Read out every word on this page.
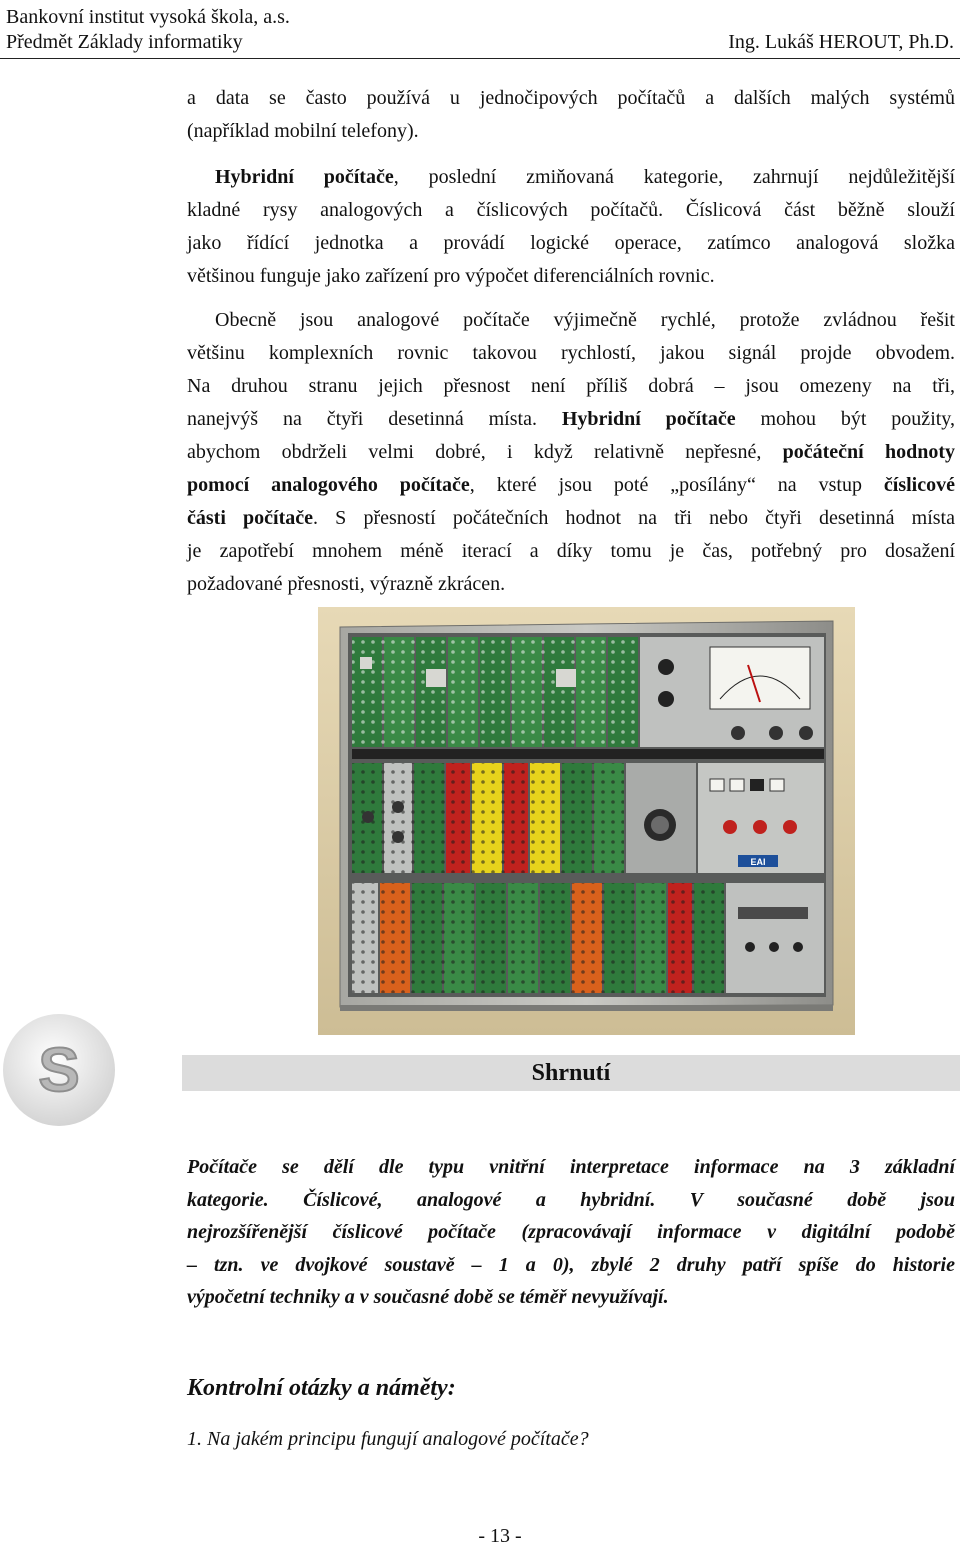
Bankovní institut vysoká škola, a.s.
Předmět Základy informatiky	Ing. Lukáš HEROUT, Ph.D.
a data se často používá u jednočipových počítačů a dalších malých systémů
(například mobilní telefony).
Hybridní počítače, poslední zmiňovaná kategorie, zahrnují nejdůležitější
kladné rysy analogových a číslicových počítačů. Číslicová část běžně slouží
jako řídící jednotka a provádí logické operace, zatímco analogová složka
většinou funguje jako zařízení pro výpočet diferenciálních rovnic.
Obecně jsou analogové počítače výjimečně rychlé, protože zvládnou řešit
většinu komplexních rovnic takovou rychlostí, jakou signál projde obvodem.
Na druhou stranu jejich přesnost není příliš dobrá – jsou omezeny na tři,
nanejvýš na čtyři desetinná místa. Hybridní počítače mohou být použity,
abychom obdrželi velmi dobré, i když relativně nepřesné, počáteční hodnoty
pomocí analogového počítače, které jsou poté „posílány“ na vstup číslicové
části počítače. S přesností počátečních hodnot na tři nebo čtyři desetinná místa
je zapotřebí mnohem méně iterací a díky tomu je čas, potřebný pro dosažení
požadované přesnosti, výrazně zkrácen.
EAI
S	Shrnutí
Počítače se dělí dle typu vnitřní interpretace informace na 3 základní
kategorie. Číslicové, analogové a hybridní. V současné době jsou
nejrozšířenější číslicové počítače (zpracovávají informace v digitální podobě
– tzn. ve dvojkové soustavě – 1 a 0), zbylé 2 druhy patří spíše do historie
výpočetní techniky a v současné době se téměř nevyužívají.
Kontrolní otázky a náměty:
1. Na jakém principu fungují analogové počítače?
- 13 -
